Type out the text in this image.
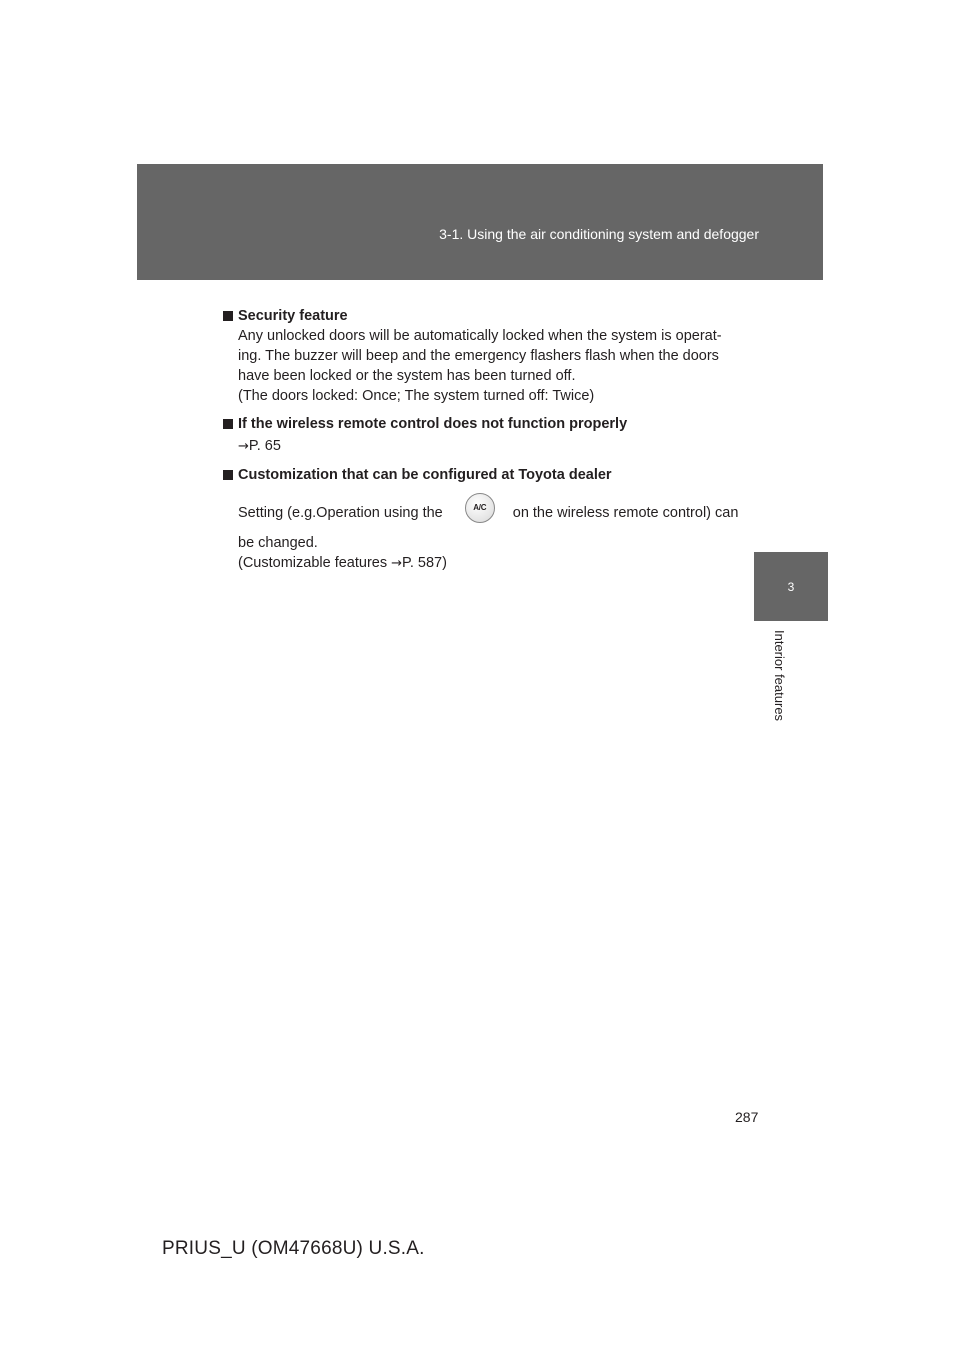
3-1. Using the air conditioning system and defogger
3
Interior features
Security feature
Any unlocked doors will be automatically locked when the system is operat-
ing. The buzzer will beep and the emergency flashers flash when the doors
have been locked or the system has been turned off.
(The doors locked: Once; The system turned off: Twice)
If the wireless remote control does not function properly
→P. 65
Customization that can be configured at Toyota dealer
Setting (e.g.Operation using the	A/C	on the wireless remote control) can
be changed.
(Customizable features →P. 587)
287
PRIUS_U (OM47668U) U.S.A.
